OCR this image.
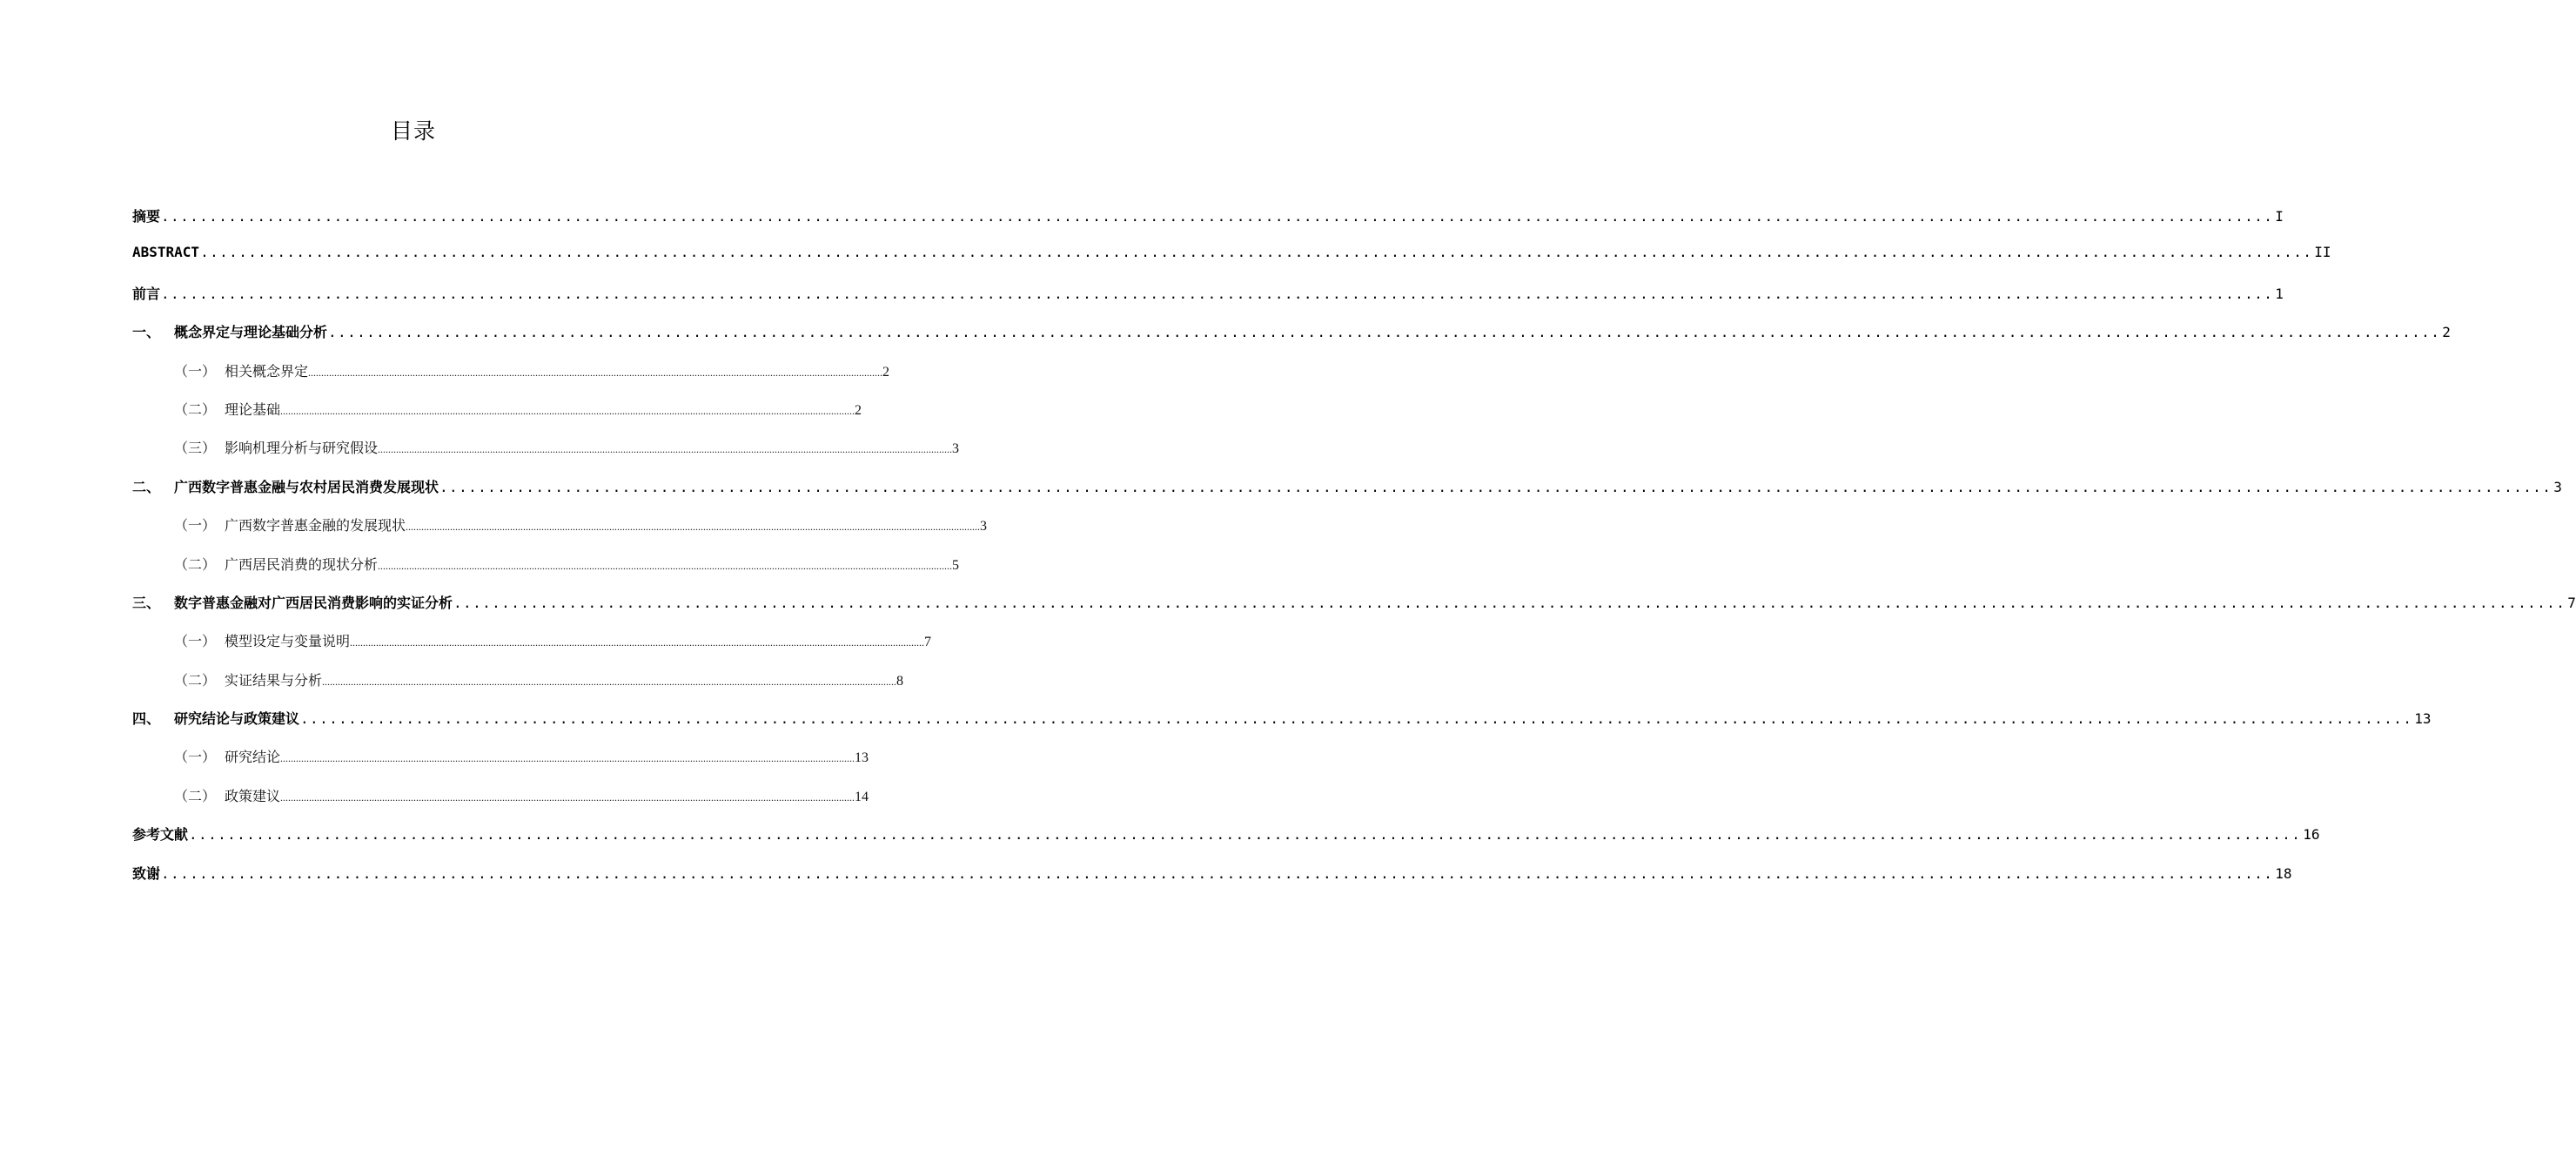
目录
摘要 ............................................................................................................................................................................................................................ I
ABSTRACT ............................................................................................................................................................................................................................ II
前言 ............................................................................................................................................................................................................................ 1
一、 概念界定与理论基础分析 ............................................................................................................................................................................................................................ 2
（一） 相关概念界定 ............................................................................................................................................................................................................................ 2
（二） 理论基础 ............................................................................................................................................................................................................................ 2
（三） 影响机理分析与研究假设 ............................................................................................................................................................................................................................ 3
二、 广西数字普惠金融与农村居民消费发展现状 ............................................................................................................................................................................................................................ 3
（一） 广西数字普惠金融的发展现状 ............................................................................................................................................................................................................................ 3
（二） 广西居民消费的现状分析 ............................................................................................................................................................................................................................ 5
三、 数字普惠金融对广西居民消费影响的实证分析 ............................................................................................................................................................................................................................ 7
（一） 模型设定与变量说明 ............................................................................................................................................................................................................................ 7
（二） 实证结果与分析 ............................................................................................................................................................................................................................ 8
四、 研究结论与政策建议 ............................................................................................................................................................................................................................ 13
（一） 研究结论 ............................................................................................................................................................................................................................ 13
（二） 政策建议 ............................................................................................................................................................................................................................ 14
参考文献 ............................................................................................................................................................................................................................ 16
致谢 ............................................................................................................................................................................................................................ 18
